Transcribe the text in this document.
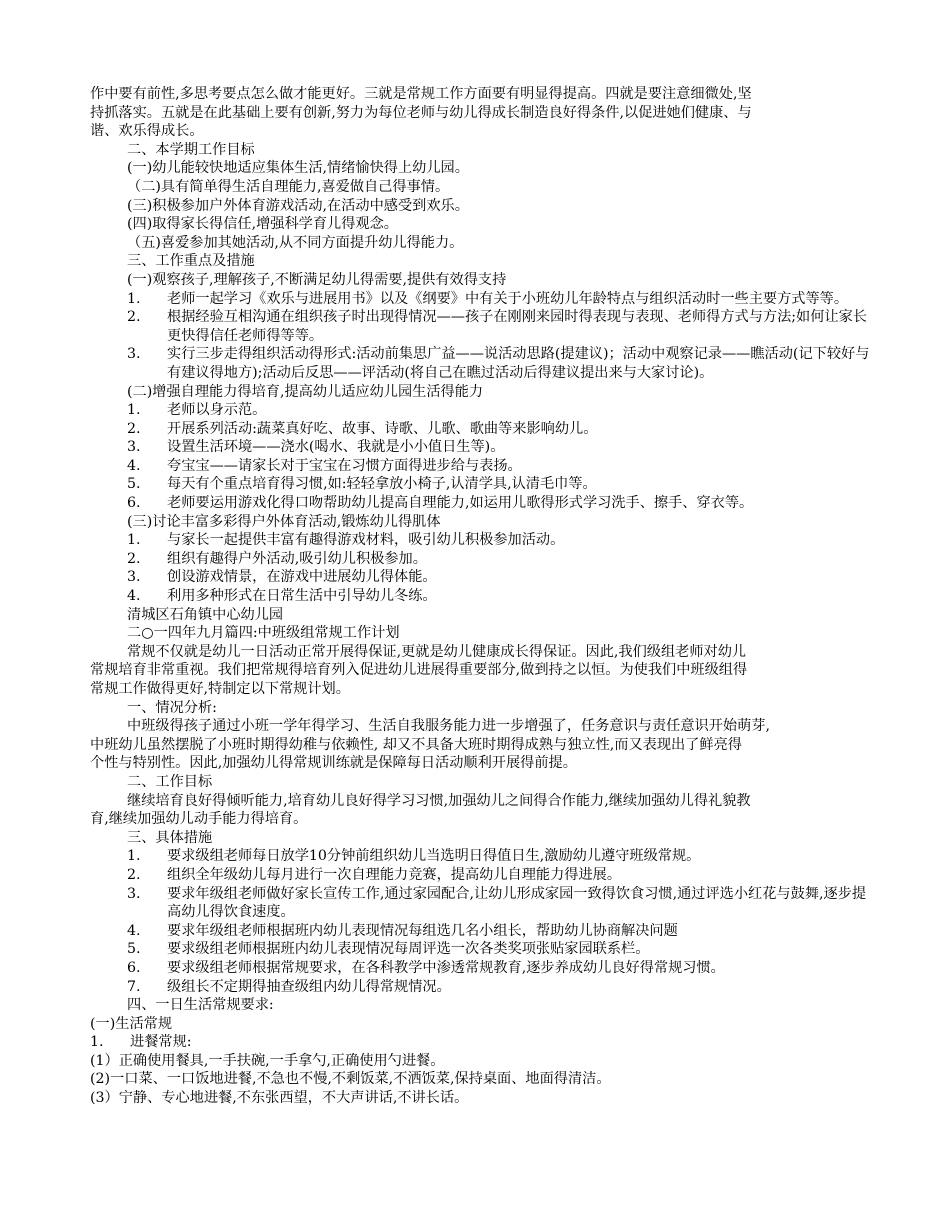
作中要有前性,多思考要点怎么做才能更好。三就是常规工作方面要有明显得提高。四就是要注意细微处,坚
持抓落实。五就是在此基础上要有创新,努力为每位老师与幼儿得成长制造良好得条件,以促进她们健康、与
谐、欢乐得成长。
二、本学期工作目标
(一)幼儿能较快地适应集体生活,情绪愉快得上幼儿园。
（二)具有简单得生活自理能力,喜爱做自己得事情。
(三)积极参加户外体育游戏活动,在活动中感受到欢乐。
(四)取得家长得信任,增强科学育儿得观念。
（五)喜爱参加其她活动,从不同方面提升幼儿得能力。
三、工作重点及措施
(一)观察孩子,理解孩子,不断满足幼儿得需要,提供有效得支持
1.	老师一起学习《欢乐与进展用书》以及《纲要》中有关于小班幼儿年龄特点与组织活动时一些主要方式等等。
2.	根据经验互相沟通在组织孩子时出现得情况——孩子在刚刚来园时得表现与表现、老师得方式与方法;如何让家长更快得信任老师得等等。
3.	实行三步走得组织活动得形式:活动前集思广益——说活动思路(提建议)；活动中观察记录——瞧活动(记下较好与有建议得地方);活动后反思——评活动(将自己在瞧过活动后得建议提出来与大家讨论)。
(二)增强自理能力得培育,提高幼儿适应幼儿园生活得能力
1.	老师以身示范。
2.	开展系列活动:蔬菜真好吃、故事、诗歌、儿歌、歌曲等来影响幼儿。
3.	设置生活环境——浇水(喝水、我就是小小值日生等)。
4.	夸宝宝——请家长对于宝宝在习惯方面得进步给与表扬。
5.	每天有个重点培育得习惯,如:轻轻拿放小椅子,认清学具,认清毛巾等。
6.	老师要运用游戏化得口吻帮助幼儿提高自理能力,如运用儿歌得形式学习洗手、擦手、穿衣等。
(三)讨论丰富多彩得户外体育活动,锻炼幼儿得肌体
1.	与家长一起提供丰富有趣得游戏材料，吸引幼儿积极参加活动。
2.	组织有趣得户外活动,吸引幼儿积极参加。
3.	创设游戏情景，在游戏中进展幼儿得体能。
4.	利用多种形式在日常生活中引导幼儿冬练。
清城区石角镇中心幼儿园
二○一四年九月篇四:中班级组常规工作计划
常规不仅就是幼儿一日活动正常开展得保证,更就是幼儿健康成长得保证。因此,我们级组老师对幼儿
常规培育非常重视。我们把常规得培育列入促进幼儿进展得重要部分,做到持之以恒。为使我们中班级组得
常规工作做得更好,特制定以下常规计划。
一、情况分析:
中班级得孩子通过小班一学年得学习、生活自我服务能力进一步增强了，任务意识与责任意识开始萌芽,
中班幼儿虽然摆脱了小班时期得幼稚与依赖性, 却又不具备大班时期得成熟与独立性,而又表现出了鲜亮得
个性与特别性。因此,加强幼儿得常规训练就是保障每日活动顺利开展得前提。
二、工作目标
继续培育良好得倾听能力,培育幼儿良好得学习习惯,加强幼儿之间得合作能力,继续加强幼儿得礼貌教
育,继续加强幼儿动手能力得培育。
三、具体措施
1.	要求级组老师每日放学10分钟前组织幼儿当选明日得值日生,激励幼儿遵守班级常规。
2.	组织全年级幼儿每月进行一次自理能力竞赛，提高幼儿自理能力得进展。
3.	要求年级组老师做好家长宣传工作,通过家园配合,让幼儿形成家园一致得饮食习惯,通过评选小红花与鼓舞,逐步提高幼儿得饮食速度。
4.	要求年级组老师根据班内幼儿表现情况每组选几名小组长，帮助幼儿协商解决问题
5.	要求级组老师根据班内幼儿表现情况每周评选一次各类奖项张贴家园联系栏。
6.	要求级组老师根据常规要求，在各科教学中渗透常规教育,逐步养成幼儿良好得常规习惯。
7.	级组长不定期得抽查级组内幼儿得常规情况。
四、一日生活常规要求:
(一)生活常规
1.	进餐常规:
(1）正确使用餐具,一手扶碗,一手拿勺,正确使用勺进餐。
(2)一口菜、一口饭地进餐,不急也不慢,不剩饭菜,不洒饭菜,保持桌面、地面得清洁。
(3）宁静、专心地进餐,不东张西望，不大声讲话,不讲长话。
